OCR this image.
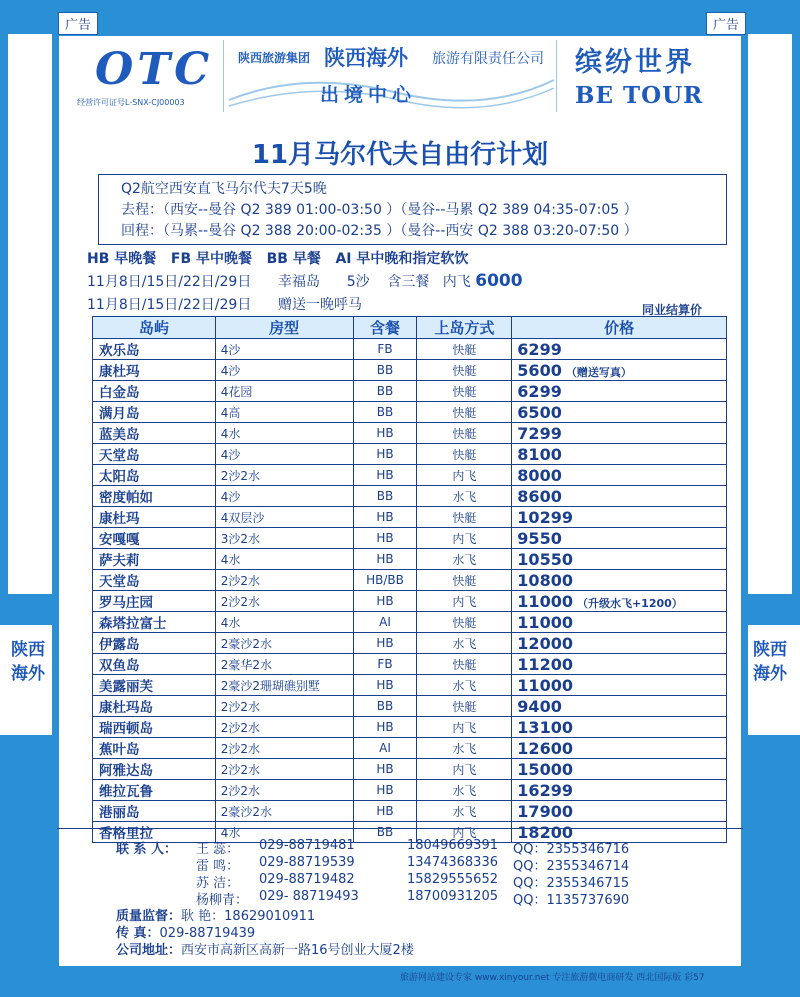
广告	广告
陕西海外
陕西海外
OTC
经营许可证号L-SNX-CJ00003
陕西旅游集团 陕西海外 旅游有限责任公司
出境中心
缤纷世界
BE TOUR
11月马尔代夫自由行计划
Q2航空西安直飞马尔代夫7天5晚
去程：（西安--曼谷 Q2 389 01:00-03:50 ）（曼谷--马累 Q2 389 04:35-07:05 ）
回程：（马累--曼谷 Q2 388 20:00-02:35 ）（曼谷--西安 Q2 388 03:20-07:50 ）
HB 早晚餐   FB 早中晚餐   BB 早餐   AI 早中晚和指定软饮
11月8日/15日/22日/29日      幸福岛      5沙    含三餐   内飞 6000
11月8日/15日/22日/29日      赠送一晚呼马	同业结算价
岛屿	房型	含餐	上岛方式	价格
欢乐岛	4沙	FB	快艇	6299
康杜玛	4沙	BB	快艇	5600 （赠送写真）
白金岛	4花园	BB	快艇	6299
满月岛	4高	BB	快艇	6500
蓝美岛	4水	HB	快艇	7299
天堂岛	4沙	HB	快艇	8100
太阳岛	2沙2水	HB	内飞	8000
密度帕如	4沙	BB	水飞	8600
康杜玛	4双层沙	HB	快艇	10299
安嘎嘎	3沙2水	HB	内飞	9550
萨夫莉	4水	HB	水飞	10550
天堂岛	2沙2水	HB/BB	快艇	10800
罗马庄园	2沙2水	HB	内飞	11000 （升级水飞+1200）
森塔拉富士	4水	AI	快艇	11000
伊露岛	2豪沙2水	HB	水飞	12000
双鱼岛	2豪华2水	FB	快艇	11200
美露丽芙	2豪沙2珊瑚礁别墅	HB	水飞	11000
康杜玛岛	2沙2水	BB	快艇	9400
瑞西顿岛	2沙2水	HB	内飞	13100
蕉叶岛	2沙2水	AI	水飞	12600
阿雅达岛	2沙2水	HB	内飞	15000
维拉瓦鲁	2沙2水	HB	水飞	16299
港丽岛	2豪沙2水	HB	水飞	17900
香格里拉	4水	BB	内飞	18200
联 系 人： 王 蕊： 029-88719481	18049669391 QQ：2355346716
雷 鸣： 029-88719539	13474368336 QQ：2355346714
苏 洁： 029-88719482	15829555652 QQ：2355346715
杨柳青： 029- 88719493	18700931205 QQ：1135737690
质量监督：耿 艳：18629010911
传 真：029-88719439
公司地址：西安市高新区高新一路16号创业大厦2楼
旅游网站建设专家 www.xinyour.net 专注旅游微电商研发 西北国际版 彩57
